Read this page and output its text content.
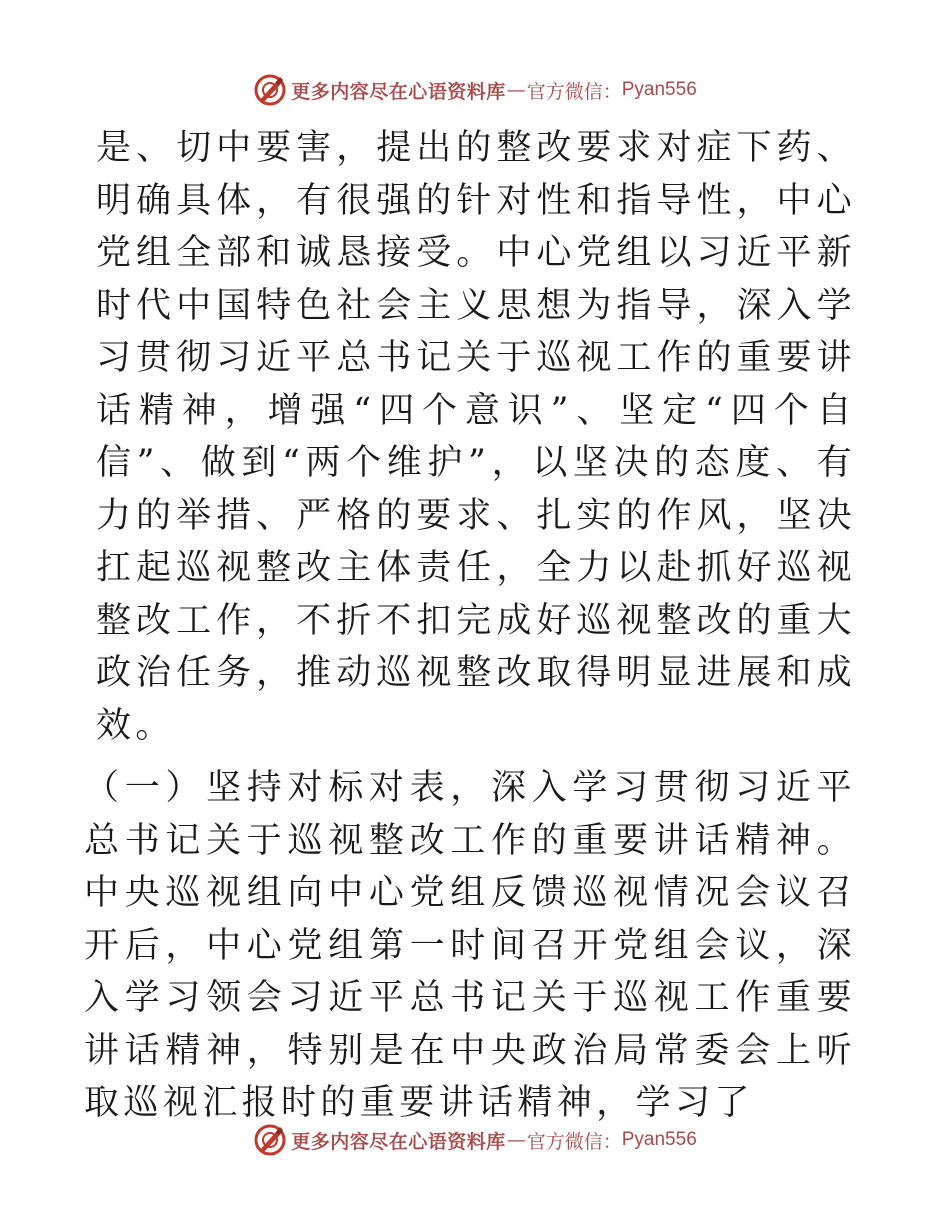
更多内容尽在心语资料库 — 官方微信： Pyan556

是、切中要害，提出的整改要求对症下药、明确具体，有很强的针对性和指导性，中心党组全部和诚恳接受。中心党组以习近平新时代中国特色社会主义思想为指导，深入学习贯彻习近平总书记关于巡视工作的重要讲话精神，增强“四个意识”、坚定“四个自信”、做到“两个维护”，以坚决的态度、有力的举措、严格的要求、扎实的作风，坚决扛起巡视整改主体责任，全力以赴抓好巡视整改工作，不折不扣完成好巡视整改的重大政治任务，推动巡视整改取得明显进展和成效。

（一）坚持对标对表，深入学习贯彻习近平总书记关于巡视整改工作的重要讲话精神。中央巡视组向中心党组反馈巡视情况会议召开后，中心党组第一时间召开党组会议，深入学习领会习近平总书记关于巡视工作重要讲话精神，特别是在中央政治局常委会上听取巡视汇报时的重要讲话精神，学习了

更多内容尽在心语资料库 — 官方微信： Pyan556
